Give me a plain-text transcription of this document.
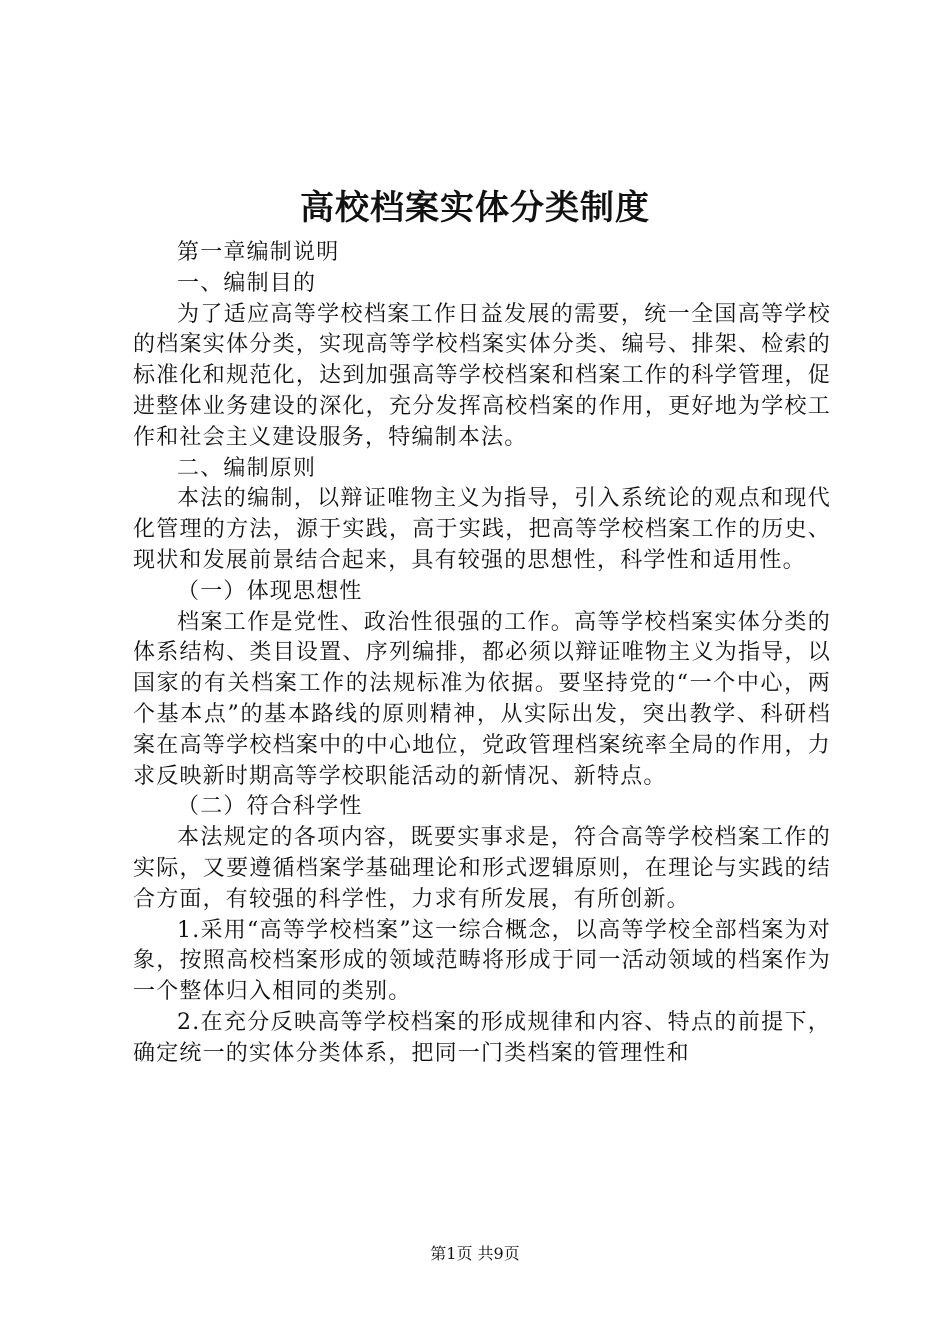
高校档案实体分类制度

第一章编制说明

一、编制目的

为了适应高等学校档案工作日益发展的需要，统一全国高等学校的档案实体分类，实现高等学校档案实体分类、编号、排架、检索的标准化和规范化，达到加强高等学校档案和档案工作的科学管理，促进整体业务建设的深化，充分发挥高校档案的作用，更好地为学校工作和社会主义建设服务，特编制本法。

二、编制原则

本法的编制，以辩证唯物主义为指导，引入系统论的观点和现代化管理的方法，源于实践，高于实践，把高等学校档案工作的历史、现状和发展前景结合起来，具有较强的思想性，科学性和适用性。

（一）体现思想性

档案工作是党性、政治性很强的工作。高等学校档案实体分类的体系结构、类目设置、序列编排，都必须以辩证唯物主义为指导，以国家的有关档案工作的法规标准为依据。要坚持党的“一个中心，两个基本点”的基本路线的原则精神，从实际出发，突出教学、科研档案在高等学校档案中的中心地位，党政管理档案统率全局的作用，力求反映新时期高等学校职能活动的新情况、新特点。

（二）符合科学性

本法规定的各项内容，既要实事求是，符合高等学校档案工作的实际，又要遵循档案学基础理论和形式逻辑原则，在理论与实践的结合方面，有较强的科学性，力求有所发展，有所创新。

1.采用“高等学校档案”这一综合概念，以高等学校全部档案为对象，按照高校档案形成的领域范畴将形成于同一活动领域的档案作为一个整体归入相同的类别。

2.在充分反映高等学校档案的形成规律和内容、特点的前提下，确定统一的实体分类体系，把同一门类档案的管理性和

第1页 共9页
